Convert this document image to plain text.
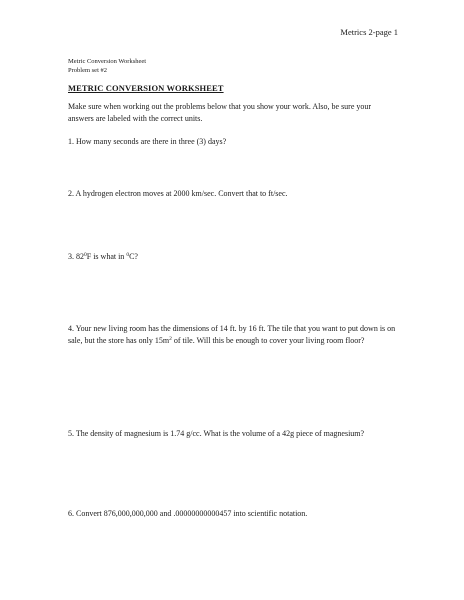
Metrics 2-page 1
Metric Conversion Worksheet
Problem set #2
METRIC CONVERSION WORKSHEET
Make sure when working out the problems below that you show your work. Also, be sure your answers are labeled with the correct units.
1. How many seconds are there in three (3) days?
2. A hydrogen electron moves at 2000 km/sec. Convert that to ft/sec.
3. $82^0F$ is what in $^0$C?
4. Your new living room has the dimensions of 14 ft. by 16 ft. The tile that you want to put down is on sale, but the store has only $15m^2$ of tile. Will this be enough to cover your living room floor?
5. The density of magnesium is 1.74 g/cc. What is the volume of a 42g piece of magnesium?
6. Convert 876,000,000,000 and .00000000000457 into scientific notation.
